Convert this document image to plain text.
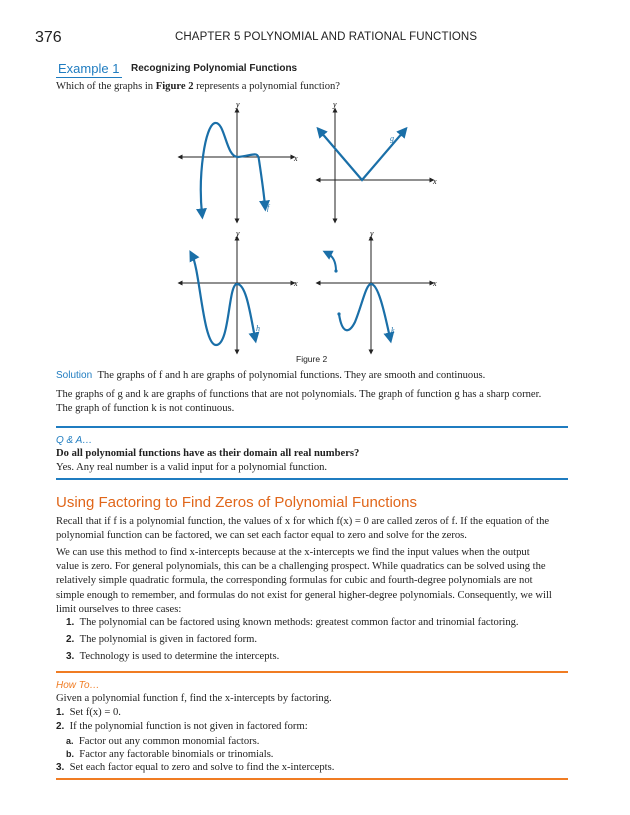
376	CHAPTER 5 POLYNOMIAL AND RATIONAL FUNCTIONS
Example 1 Recognizing Polynomial Functions
Which of the graphs in Figure 2 represents a polynomial function?
x
y
f
x
y
g
x
y
h
x
y
k
Figure 2
Solution The graphs of f and h are graphs of polynomial functions. They are smooth and continuous.
The graphs of g and k are graphs of functions that are not polynomials. The graph of function g has a sharp corner.
The graph of function k is not continuous.
Q & A…
Do all polynomial functions have as their domain all real numbers?
Yes. Any real number is a valid input for a polynomial function.
Using Factoring to Find Zeros of Polynomial Functions
Recall that if f is a polynomial function, the values of x for which f(x) = 0 are called zeros of f. If the equation of the
polynomial function can be factored, we can set each factor equal to zero and solve for the zeros.
We can use this method to find x-intercepts because at the x-intercepts we find the input values when the output
value is zero. For general polynomials, this can be a challenging prospect. While quadratics can be solved using the
relatively simple quadratic formula, the corresponding formulas for cubic and fourth-degree polynomials are not
simple enough to remember, and formulas do not exist for general higher-degree polynomials. Consequently, we will
limit ourselves to three cases:
1. The polynomial can be factored using known methods: greatest common factor and trinomial factoring.
2. The polynomial is given in factored form.
3. Technology is used to determine the intercepts.
How To…
Given a polynomial function f, find the x-intercepts by factoring.
1. Set f(x) = 0.
2. If the polynomial function is not given in factored form:
a. Factor out any common monomial factors.
b. Factor any factorable binomials or trinomials.
3. Set each factor equal to zero and solve to find the x-intercepts.
